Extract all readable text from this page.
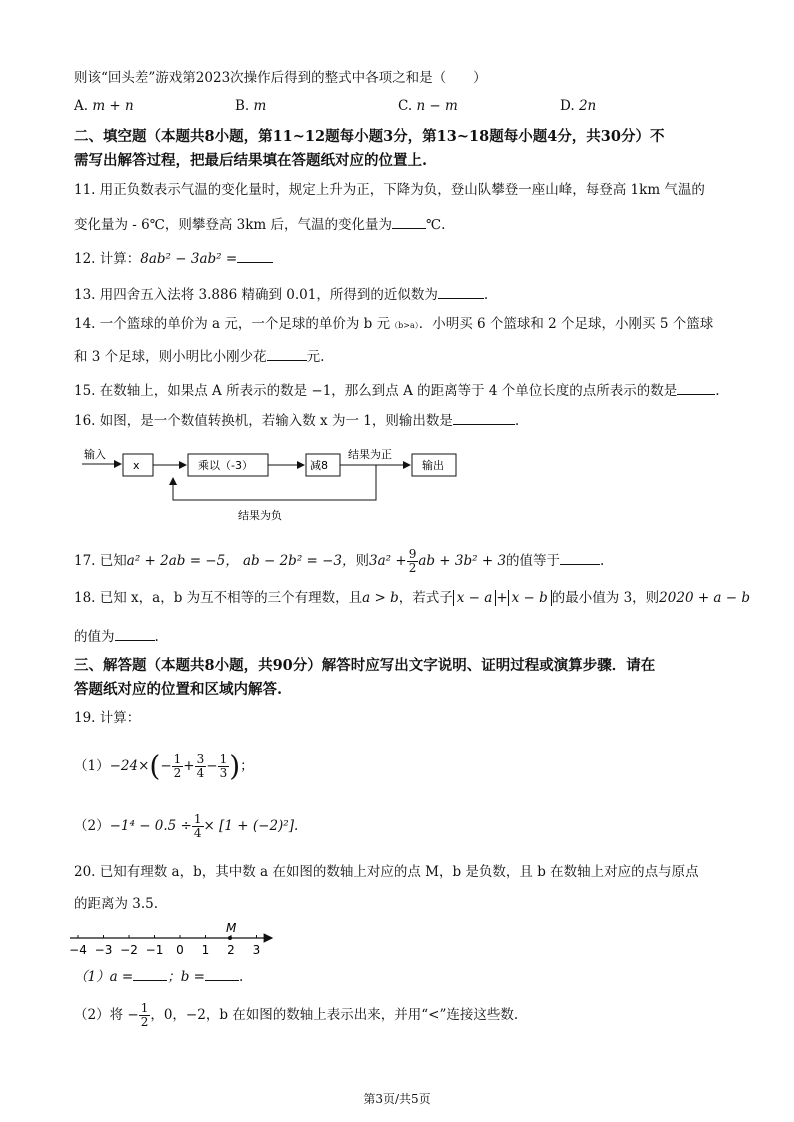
则该“回头差”游戏第2023次操作后得到的整式中各项之和是（　　）
A. m + n	B. m	C. n − m	D. 2n
二、填空题（本题共8小题，第11~12题每小题3分，第13~18题每小题4分，共30分）不
需写出解答过程，把最后结果填在答题纸对应的位置上.
11. 用正负数表示气温的变化量时，规定上升为正，下降为负，登山队攀登一座山峰，每登高 1km 气温的
变化量为 - 6℃，则攀登高 3km 后，气温的变化量为	℃.
12. 计算：8ab² − 3ab² =
13. 用四舍五入法将 3.886 精确到 0.01，所得到的近似数为	.
14. 一个篮球的单价为 a 元，一个足球的单价为 b 元（b>a）．小明买 6 个篮球和 2 个足球，小刚买 5 个篮球
和 3 个足球，则小明比小刚少花	元.
15. 在数轴上，如果点 A 所表示的数是 −1，那么到点 A 的距离等于 4 个单位长度的点所表示的数是	.
16. 如图，是一个数值转换机，若输入数 x 为一 1，则输出数是	.
输入
x	乘以（-3）	减8
结果为正
输出
结果为负
17. 已知a² + 2ab = −5， ab − 2b² = −3，则$3a^2 + \frac{9}{2}$ ab + 3b² + 3的值等于	.
18. 已知 x，a，b 为互不相等的三个有理数，且a > b，若式子 x − a + x − b 的最小值为 3，则2020 + a − b
的值为	.
三、解答题（本题共8小题，共90分）解答时应写出文字说明、证明过程或演算步骤．请在
答题纸对应的位置和区域内解答.
19. 计算：
$(1)-24\times(- \frac{1}{2} + \frac{3}{4} - \frac{1}{3}$ )；
$(2)-1^4 - 0.5 \div \frac{1}{4} \times [1 + (-2)^2]$.
20. 已知有理数 a，b，其中数 a 在如图的数轴上对应的点 M，b 是负数，且 b 在数轴上对应的点与原点
的距离为 3.5.
−4 −3 −2 −1 0 1 2 3
M
（1）a =	；b =	.
（2）将 − $\frac{1}{2}$ ，0，−2，b 在如图的数轴上表示出来，并用“<”连接这些数.
第3页/共5页
